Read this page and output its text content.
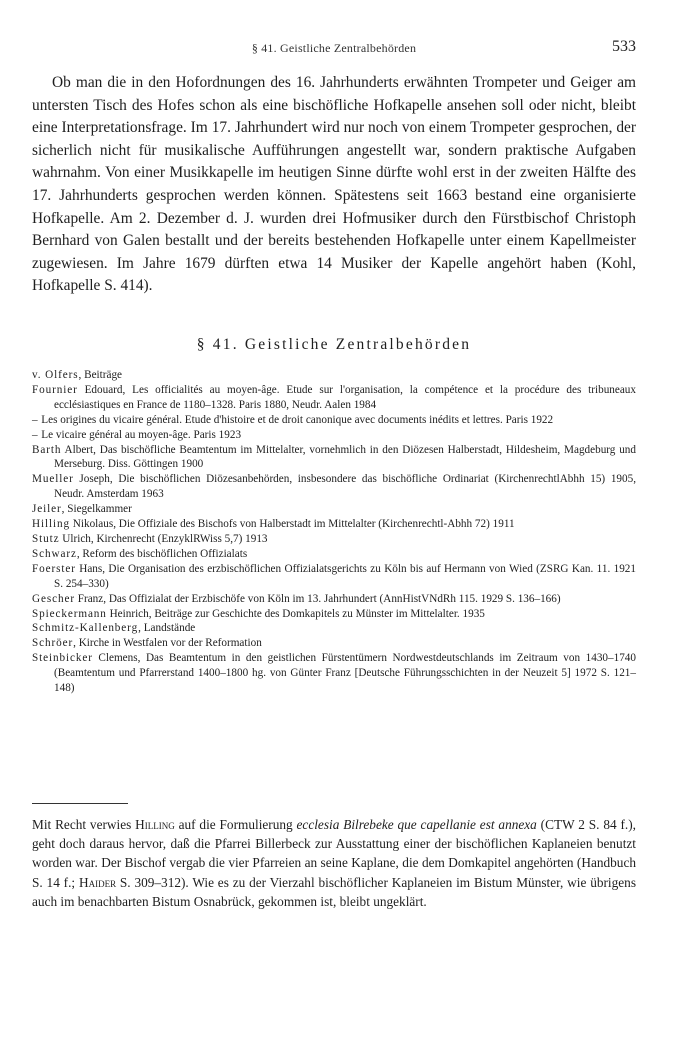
§ 41. Geistliche Zentralbehörden	533

Ob man die in den Hofordnungen des 16. Jahrhunderts erwähnten Trompeter und Geiger am untersten Tisch des Hofes schon als eine bischöfliche Hofkapelle ansehen soll oder nicht, bleibt eine Interpretationsfrage. Im 17. Jahrhundert wird nur noch von einem Trompeter gesprochen, der sicherlich nicht für musikalische Aufführungen angestellt war, sondern praktische Aufgaben wahrnahm. Von einer Musikkapelle im heutigen Sinne dürfte wohl erst in der zweiten Hälfte des 17. Jahrhunderts gesprochen werden können. Spätestens seit 1663 bestand eine organisierte Hofkapelle. Am 2. Dezember d. J. wurden drei Hofmusiker durch den Fürstbischof Christoph Bernhard von Galen bestallt und der bereits bestehenden Hofkapelle unter einem Kapellmeister zugewiesen. Im Jahre 1679 dürften etwa 14 Musiker der Kapelle angehört haben (Kohl, Hofkapelle S. 414).

§ 41. Geistliche Zentralbehörden
v. Olfers, Beiträge
Fournier Edouard, Les officialités au moyen-âge. Etude sur l'organisation, la compétence et la procédure des tribuneaux ecclésiastiques en France de 1180–1328. Paris 1880, Neudr. Aalen 1984
– Les origines du vicaire général. Etude d'histoire et de droit canonique avec documents inédits et lettres. Paris 1922
– Le vicaire général au moyen-âge. Paris 1923
Barth Albert, Das bischöfliche Beamtentum im Mittelalter, vornehmlich in den Diözesen Halberstadt, Hildesheim, Magdeburg und Merseburg. Diss. Göttingen 1900
Mueller Joseph, Die bischöflichen Diözesanbehörden, insbesondere das bischöfliche Ordinariat (KirchenrechtlAbhh 15) 1905, Neudr. Amsterdam 1963
Jeiler, Siegelkammer
Hilling Nikolaus, Die Offiziale des Bischofs von Halberstadt im Mittelalter (Kirchenrechtl-Abhh 72) 1911
Stutz Ulrich, Kirchenrecht (EnzyklRWiss 5,7) 1913
Schwarz, Reform des bischöflichen Offizialats
Foerster Hans, Die Organisation des erzbischöflichen Offizialatsgerichts zu Köln bis auf Hermann von Wied (ZSRG Kan. 11. 1921 S. 254–330)
Gescher Franz, Das Offizialat der Erzbischöfe von Köln im 13. Jahrhundert (AnnHistVNdRh 115. 1929 S. 136–166)
Spieckermann Heinrich, Beiträge zur Geschichte des Domkapitels zu Münster im Mittelalter. 1935
Schmitz-Kallenberg, Landstände
Schröer, Kirche in Westfalen vor der Reformation
Steinbicker Clemens, Das Beamtentum in den geistlichen Fürstentümern Nordwestdeutschlands im Zeitraum von 1430–1740 (Beamtentum und Pfarrerstand 1400–1800 hg. von Günter Franz [Deutsche Führungsschichten in der Neuzeit 5] 1972 S. 121–148)

Mit Recht verwies Hilling auf die Formulierung ecclesia Bilrebeke que capellanie est annexa (CTW 2 S. 84 f.), geht doch daraus hervor, daß die Pfarrei Billerbeck zur Ausstattung einer der bischöflichen Kaplaneien benutzt worden war. Der Bischof vergab die vier Pfarreien an seine Kaplane, die dem Domkapitel angehörten (Handbuch S. 14 f.; Haider S. 309–312). Wie es zu der Vierzahl bischöflicher Kaplaneien im Bistum Münster, wie übrigens auch im benachbarten Bistum Osnabrück, gekommen ist, bleibt ungeklärt.
